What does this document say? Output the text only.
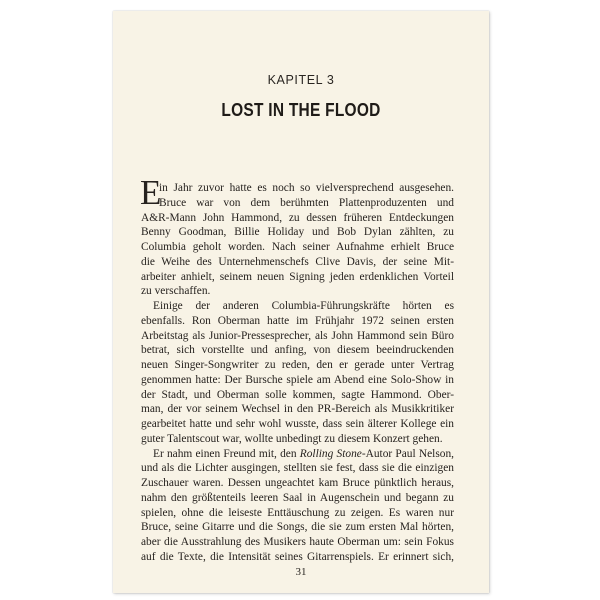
KAPITEL 3
LOST IN THE FLOOD
E
in Jahr zuvor hatte es noch so vielversprechend ausgesehen.
Bruce war von dem berühmten Plattenproduzenten und
A&R-Mann John Hammond, zu dessen früheren Entdeckungen
Benny Goodman, Billie Holiday und Bob Dylan zählten, zu
Columbia geholt worden. Nach seiner Aufnahme erhielt Bruce
die Weihe des Unternehmenschefs Clive Davis, der seine Mit-
arbeiter anhielt, seinem neuen Signing jeden erdenklichen Vorteil
zu verschaffen.
Einige der anderen Columbia-Führungskräfte hörten es
ebenfalls. Ron Oberman hatte im Frühjahr 1972 seinen ersten
Arbeitstag als Junior-Pressesprecher, als John Hammond sein Büro
betrat, sich vorstellte und anfing, von diesem beeindruckenden
neuen Singer-Songwriter zu reden, den er gerade unter Vertrag
genommen hatte: Der Bursche spiele am Abend eine Solo-Show in
der Stadt, und Oberman solle kommen, sagte Hammond. Ober-
man, der vor seinem Wechsel in den PR-Bereich als Musikkritiker
gearbeitet hatte und sehr wohl wusste, dass sein älterer Kollege ein
guter Talentscout war, wollte unbedingt zu diesem Konzert gehen.
Er nahm einen Freund mit, den Rolling Stone-Autor Paul Nelson,
und als die Lichter ausgingen, stellten sie fest, dass sie die einzigen
Zuschauer waren. Dessen ungeachtet kam Bruce pünktlich heraus,
nahm den größtenteils leeren Saal in Augenschein und begann zu
spielen, ohne die leiseste Enttäuschung zu zeigen. Es waren nur
Bruce, seine Gitarre und die Songs, die sie zum ersten Mal hörten,
aber die Ausstrahlung des Musikers haute Oberman um: sein Fokus
auf die Texte, die Intensität seines Gitarrenspiels. Er erinnert sich,
31
